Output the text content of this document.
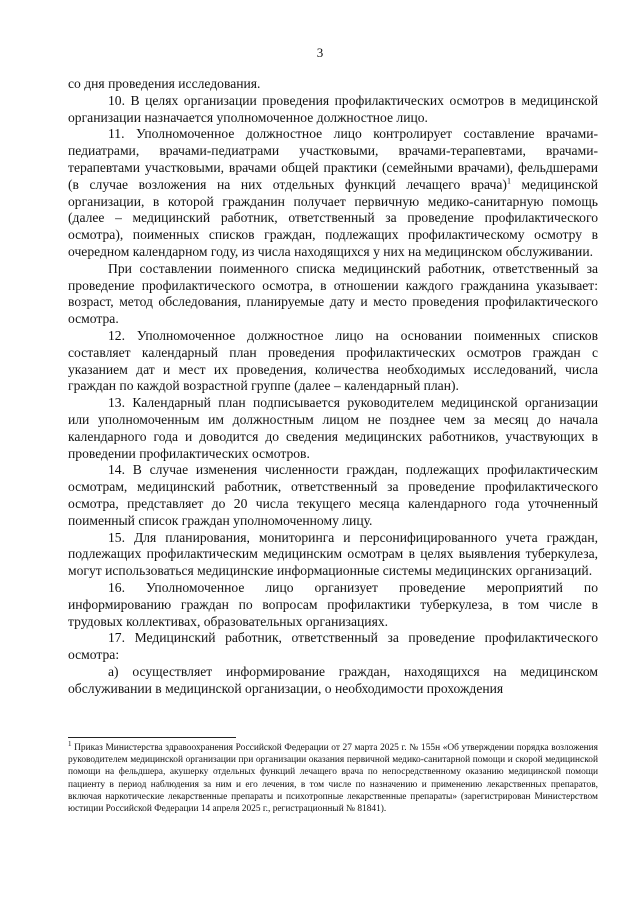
3

со дня проведения исследования.

10. В целях организации проведения профилактических осмотров в медицинской организации назначается уполномоченное должностное лицо.

11. Уполномоченное должностное лицо контролирует составление врачами-педиатрами, врачами-педиатрами участковыми, врачами-терапевтами, врачами-терапевтами участковыми, врачами общей практики (семейными врачами), фельдшерами (в случае возложения на них отдельных функций лечащего врача)$^1$ медицинской организации, в которой гражданин получает первичную медико-санитарную помощь (далее – медицинский работник, ответственный за проведение профилактического осмотра), поименных списков граждан, подлежащих профилактическому осмотру в очередном календарном году, из числа находящихся у них на медицинском обслуживании.

При составлении поименного списка медицинский работник, ответственный за проведение профилактического осмотра, в отношении каждого гражданина указывает: возраст, метод обследования, планируемые дату и место проведения профилактического осмотра.

12. Уполномоченное должностное лицо на основании поименных списков составляет календарный план проведения профилактических осмотров граждан с указанием дат и мест их проведения, количества необходимых исследований, числа граждан по каждой возрастной группе (далее – календарный план).

13. Календарный план подписывается руководителем медицинской организации или уполномоченным им должностным лицом не позднее чем за месяц до начала календарного года и доводится до сведения медицинских работников, участвующих в проведении профилактических осмотров.

14. В случае изменения численности граждан, подлежащих профилактическим осмотрам, медицинский работник, ответственный за проведение профилактического осмотра, представляет до 20 числа текущего месяца календарного года уточненный поименный список граждан уполномоченному лицу.

15. Для планирования, мониторинга и персонифицированного учета граждан, подлежащих профилактическим медицинским осмотрам в целях выявления туберкулеза, могут использоваться медицинские информационные системы медицинских организаций.

16. Уполномоченное лицо организует проведение мероприятий по информированию граждан по вопросам профилактики туберкулеза, в том числе в трудовых коллективах, образовательных организациях.

17. Медицинский работник, ответственный за проведение профилактического осмотра:

а) осуществляет информирование граждан, находящихся на медицинском обслуживании в медицинской организации, о необходимости прохождения

$^1$ Приказ Министерства здравоохранения Российской Федерации от 27 марта 2025 г. № 155н «Об утверждении порядка возложения руководителем медицинской организации при организации оказания первичной медико-санитарной помощи и скорой медицинской помощи на фельдшера, акушерку отдельных функций лечащего врача по непосредственному оказанию медицинской помощи пациенту в период наблюдения за ним и его лечения, в том числе по назначению и применению лекарственных препаратов, включая наркотические лекарственные препараты и психотропные лекарственные препараты» (зарегистрирован Министерством юстиции Российской Федерации 14 апреля 2025 г., регистрационный № 81841).
